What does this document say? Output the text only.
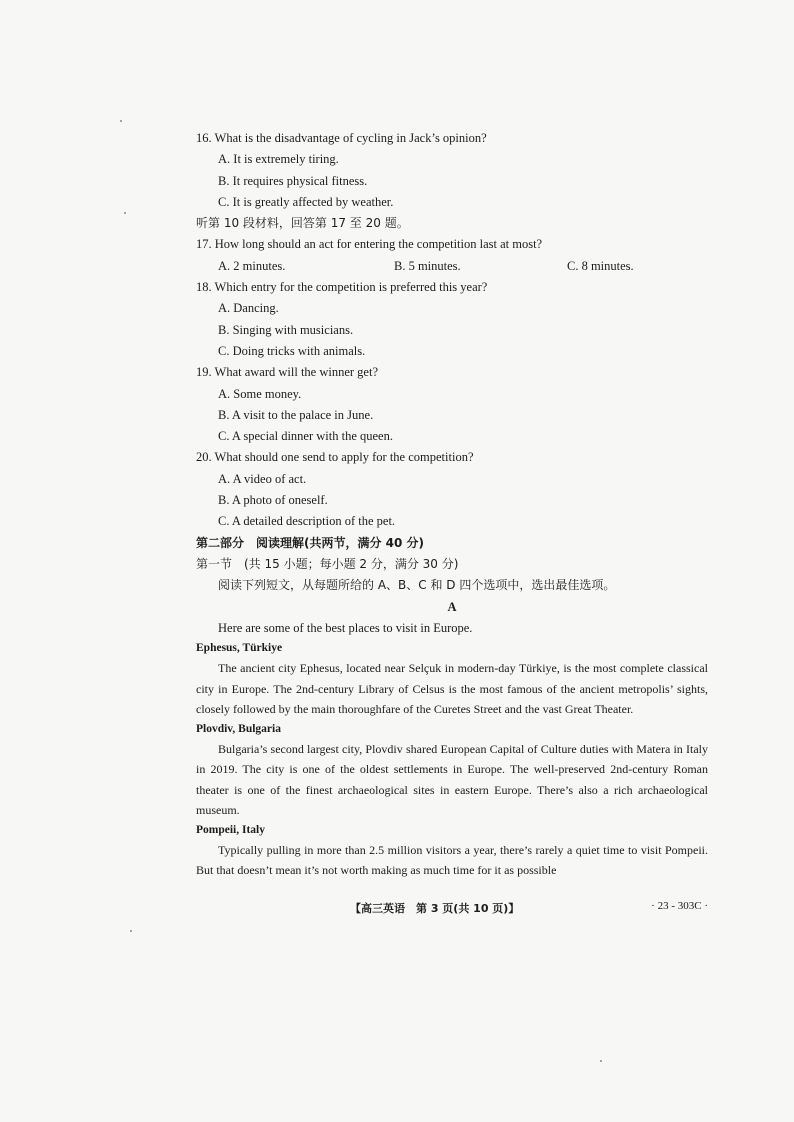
16. What is the disadvantage of cycling in Jack’s opinion?
A. It is extremely tiring.
B. It requires physical fitness.
C. It is greatly affected by weather.
听第 10 段材料，回答第 17 至 20 题。
17. How long should an act for entering the competition last at most?
A. 2 minutes.	B. 5 minutes.	C. 8 minutes.
18. Which entry for the competition is preferred this year?
A. Dancing.
B. Singing with musicians.
C. Doing tricks with animals.
19. What award will the winner get?
A. Some money.
B. A visit to the palace in June.
C. A special dinner with the queen.
20. What should one send to apply for the competition?
A. A video of act.
B. A photo of oneself.
C. A detailed description of the pet.
第二部分　阅读理解(共两节，满分 40 分)
第一节　(共 15 小题；每小题 2 分，满分 30 分)
阅读下列短文，从每题所给的 A、B、C 和 D 四个选项中，选出最佳选项。
A
Here are some of the best places to visit in Europe.
Ephesus, Türkiye

The ancient city Ephesus, located near Selçuk in modern-day Türkiye, is the most complete classical city in Europe. The 2nd-century Library of Celsus is the most famous of the ancient metropolis’ sights, closely followed by the main thoroughfare of the Curetes Street and the vast Great Theater.

Plovdiv, Bulgaria

Bulgaria’s second largest city, Plovdiv shared European Capital of Culture duties with Matera in Italy in 2019. The city is one of the oldest settlements in Europe. The well-preserved 2nd-century Roman theater is one of the finest archaeological sites in eastern Europe. There’s also a rich archaeological museum.

Pompeii, Italy

Typically pulling in more than 2.5 million visitors a year, there’s rarely a quiet time to visit Pompeii. But that doesn’t mean it’s not worth making as much time for it as possible

【高三英语　第 3 页(共 10 页)】	· 23 - 303C ·
